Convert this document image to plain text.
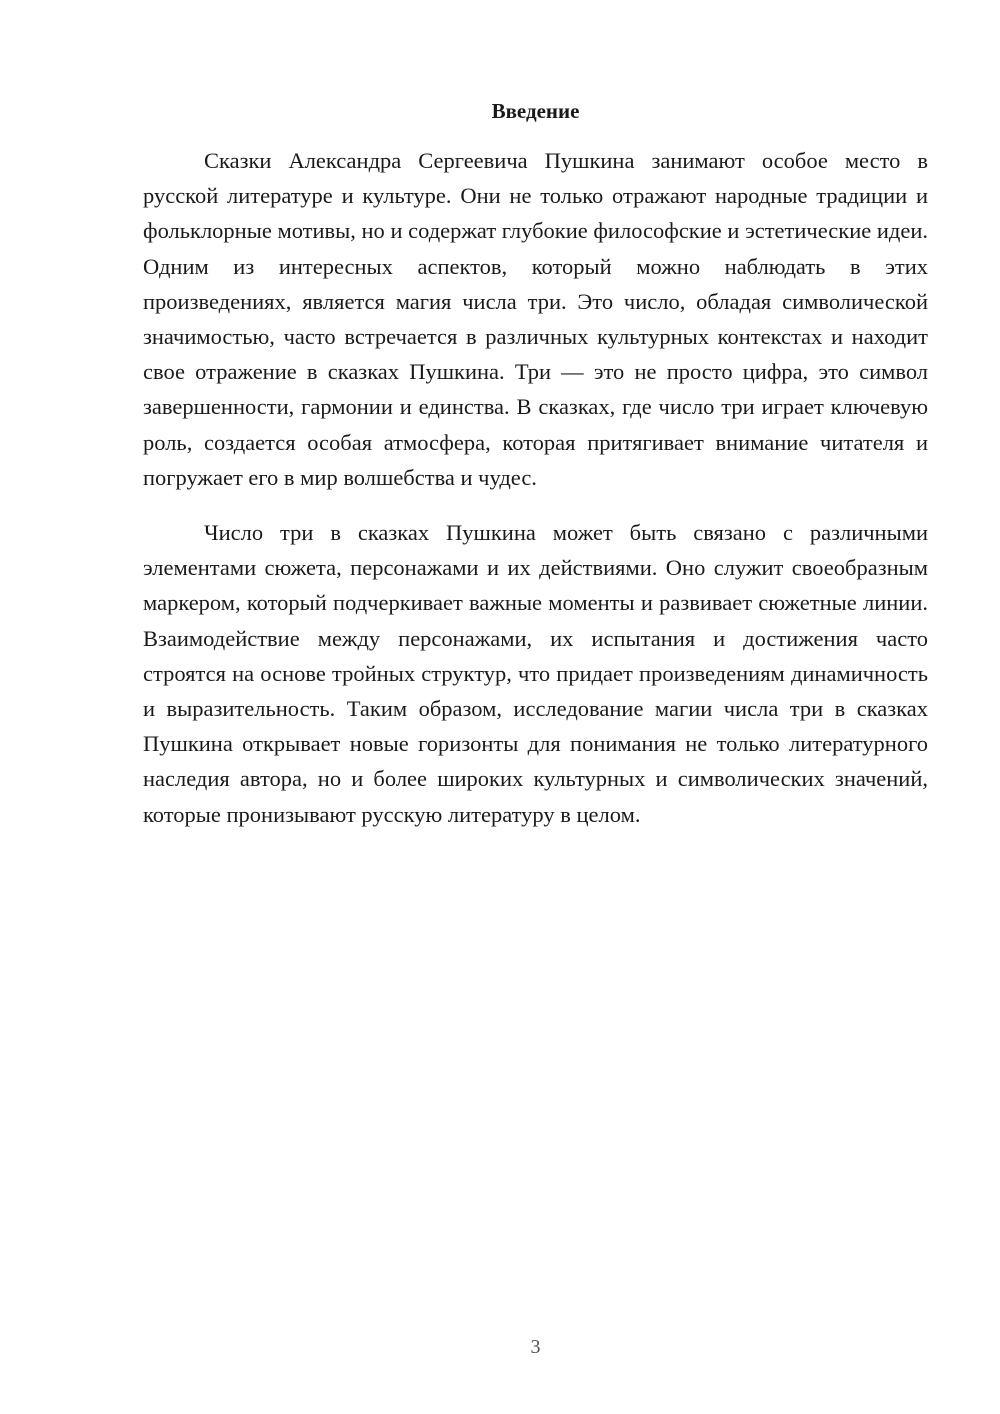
Введение

Сказки Александра Сергеевича Пушкина занимают особое место в русской литературе и культуре. Они не только отражают народные традиции и фольклорные мотивы, но и содержат глубокие философские и эстетические идеи. Одним из интересных аспектов, который можно наблюдать в этих произведениях, является магия числа три. Это число, обладая символической значимостью, часто встречается в различных культурных контекстах и находит свое отражение в сказках Пушкина. Три — это не просто цифра, это символ завершенности, гармонии и единства. В сказках, где число три играет ключевую роль, создается особая атмосфера, которая притягивает внимание читателя и погружает его в мир волшебства и чудес.

Число три в сказках Пушкина может быть связано с различными элементами сюжета, персонажами и их действиями. Оно служит своеобразным маркером, который подчеркивает важные моменты и развивает сюжетные линии. Взаимодействие между персонажами, их испытания и достижения часто строятся на основе тройных структур, что придает произведениям динамичность и выразительность. Таким образом, исследование магии числа три в сказках Пушкина открывает новые горизонты для понимания не только литературного наследия автора, но и более широких культурных и символических значений, которые пронизывают русскую литературу в целом.

3
